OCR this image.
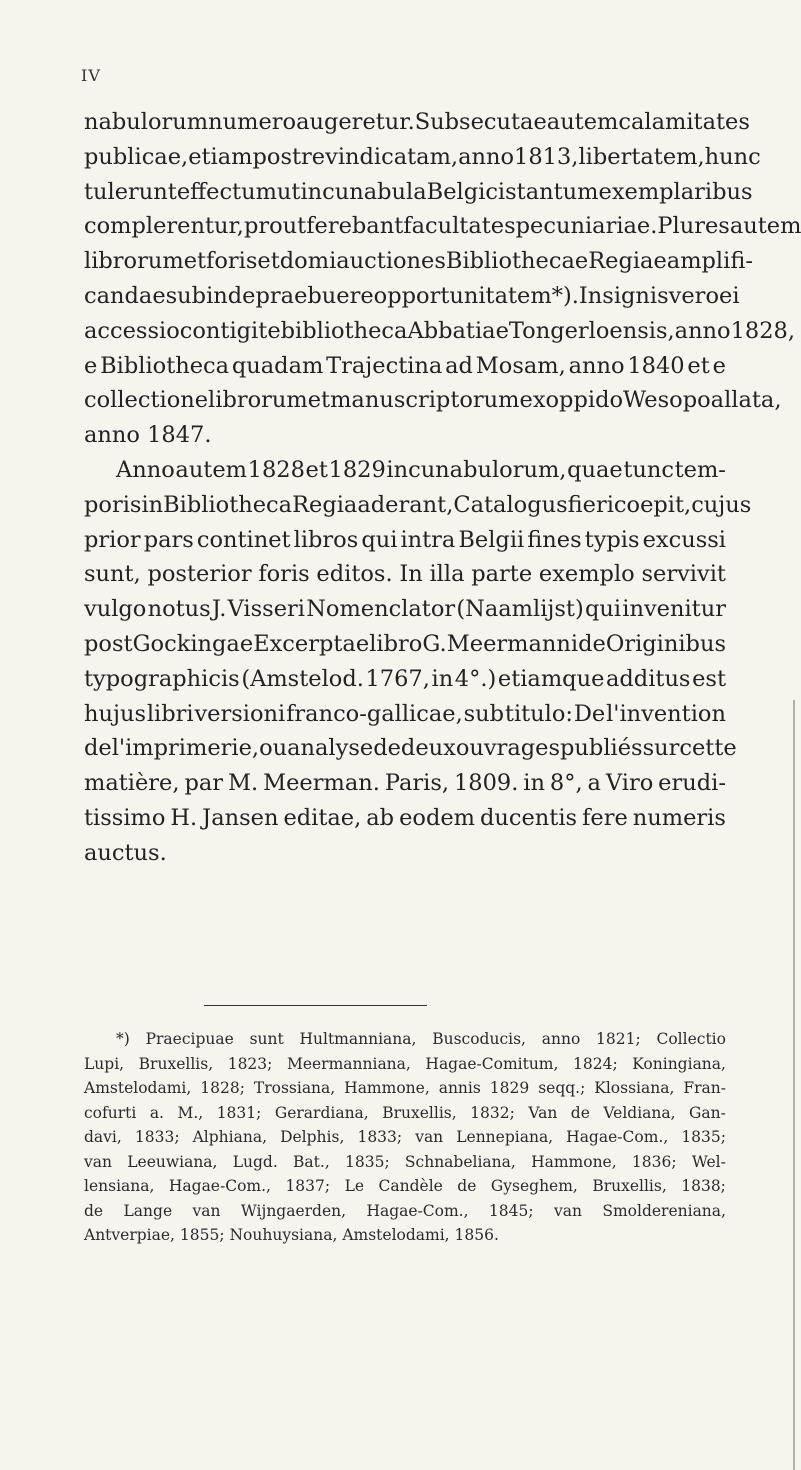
IV
nabulorum numero augeretur. Subsecutae autem calamitates
publicae, etiam post revindicatam, anno 1813, libertatem, hunc
tulerunt effectum ut incunabula Belgicis tantum exemplaribus
complerentur, prout ferebant facultates pecuniariae. Plures autem
librorum et foris et domi auctiones Bibliothecae Regiae amplifi-
candae subinde praebuere opportunitatem *). Insignis vero ei
accessio contigit e bibliotheca Abbatiae Tongerloensis, anno 1828,
e Bibliotheca quadam Trajectina ad Mosam, anno 1840 et e
collectione librorum et manuscriptorum ex oppido Wesopo allata,
anno 1847.
Anno autem 1828 et 1829 incunabulorum, quae tunc tem-
poris in Bibliotheca Regia aderant, Catalogus fieri coepit, cujus
prior pars continet libros qui intra Belgii fines typis excussi
sunt, posterior foris editos. In illa parte exemplo servivit
vulgo notus J. Visseri Nomenclator (Naamlijst) qui invenitur
post Gockingae Excerpta e libro G. Meermanni de Originibus
typographicis (Amstelod. 1767, in 4°.) etiamque additus est
hujus libri versioni franco-gallicae, sub titulo: De l'invention
de l'imprimerie, ou analyse de deux ouvrages publiés sur cette
matière, par M. Meerman. Paris, 1809. in 8°, a Viro erudi-
tissimo H. Jansen editae, ab eodem ducentis fere numeris
auctus.
*) Praecipuae sunt Hultmanniana, Buscoducis, anno 1821; Collectio
Lupi, Bruxellis, 1823; Meermanniana, Hagae-Comitum, 1824; Koningiana,
Amstelodami, 1828; Trossiana, Hammone, annis 1829 seqq.; Klossiana, Fran-
cofurti a. M., 1831; Gerardiana, Bruxellis, 1832; Van de Veldiana, Gan-
davi, 1833; Alphiana, Delphis, 1833; van Lennepiana, Hagae-Com., 1835;
van Leeuwiana, Lugd. Bat., 1835; Schnabeliana, Hammone, 1836; Wel-
lensiana, Hagae-Com., 1837; Le Candèle de Gyseghem, Bruxellis, 1838;
de Lange van Wijngaerden, Hagae-Com., 1845; van Smoldereniana,
Antverpiae, 1855; Nouhuysiana, Amstelodami, 1856.
